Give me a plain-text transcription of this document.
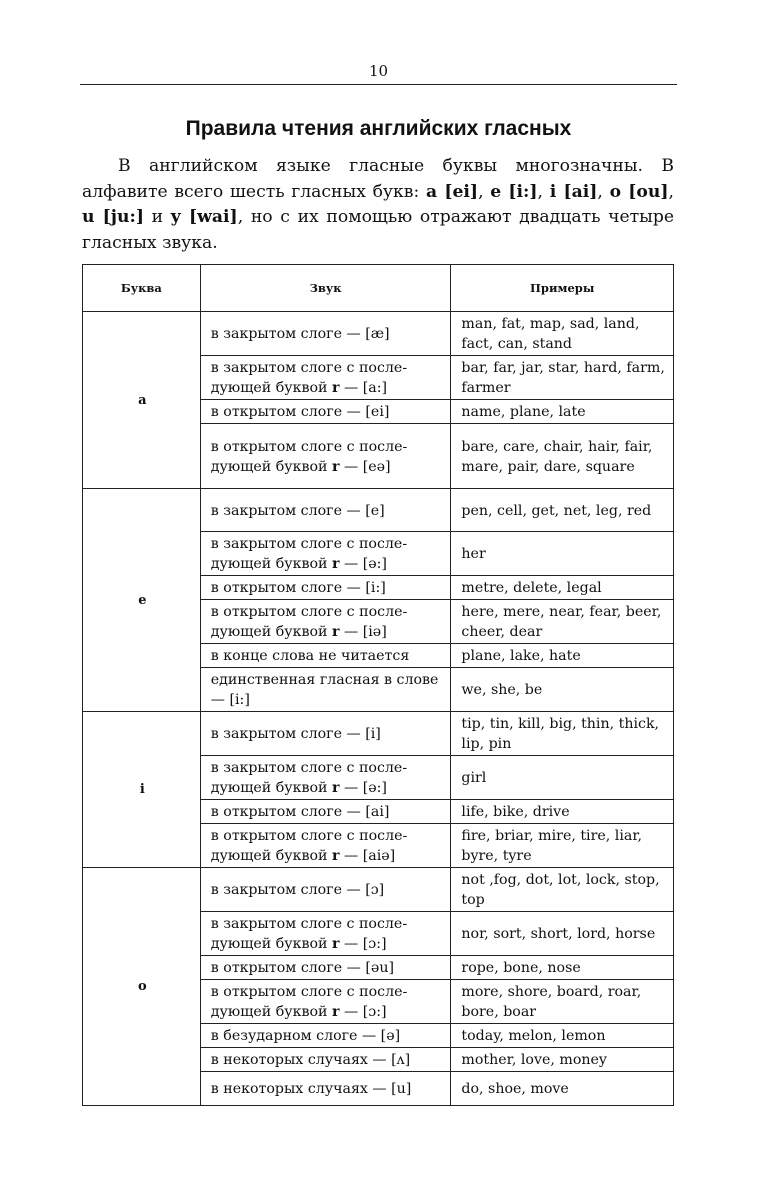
10
Правила чтения английских гласных

В английском языке гласные буквы многозначны. В алфавите всего шесть гласных букв: a [ei], e [i:], i [ai], o [ou], u [ju:] и y [wai], но с их помощью отражают двадцать четыре гласных звука.

Буква	Звук	Примеры
a	в закрытом слоге — [æ]	man, fat, map, sad, land, fact, can, stand
	в закрытом слоге с последующей буквой r — [a:]	bar, far, jar, star, hard, farm, farmer
	в открытом слоге — [ei]	name, plane, late
	в открытом слоге с последующей буквой r — [eə]	bare, care, chair, hair, fair, mare, pair, dare, square
e	в закрытом слоге — [e]	pen, cell, get, net, leg, red
	в закрытом слоге с последующей буквой r — [ə:]	her
	в открытом слоге — [i:]	metre, delete, legal
	в открытом слоге с последующей буквой r — [iə]	here, mere, near, fear, beer, cheer, dear
	в конце слова не читается	plane, lake, hate
	единственная гласная в слове — [i:]	we, she, be
i	в закрытом слоге — [i]	tip, tin, kill, big, thin, thick, lip, pin
	в закрытом слоге с последующей буквой r — [ə:]	girl
	в открытом слоге — [ai]	life, bike, drive
	в открытом слоге с последующей буквой r — [aiə]	fire, briar, mire, tire, liar, byre, tyre
o	в закрытом слоге — [ɔ]	not ,fog, dot, lot, lock, stop, top
	в закрытом слоге с последующей буквой r — [ɔ:]	nor, sort, short, lord, horse
	в открытом слоге — [əu]	rope, bone, nose
	в открытом слоге с последующей буквой r — [ɔ:]	more, shore, board, roar, bore, boar
	в безударном слоге — [ə]	today, melon, lemon
	в некоторых случаях — [ʌ]	mother, love, money
	в некоторых случаях — [u]	do, shoe, move
